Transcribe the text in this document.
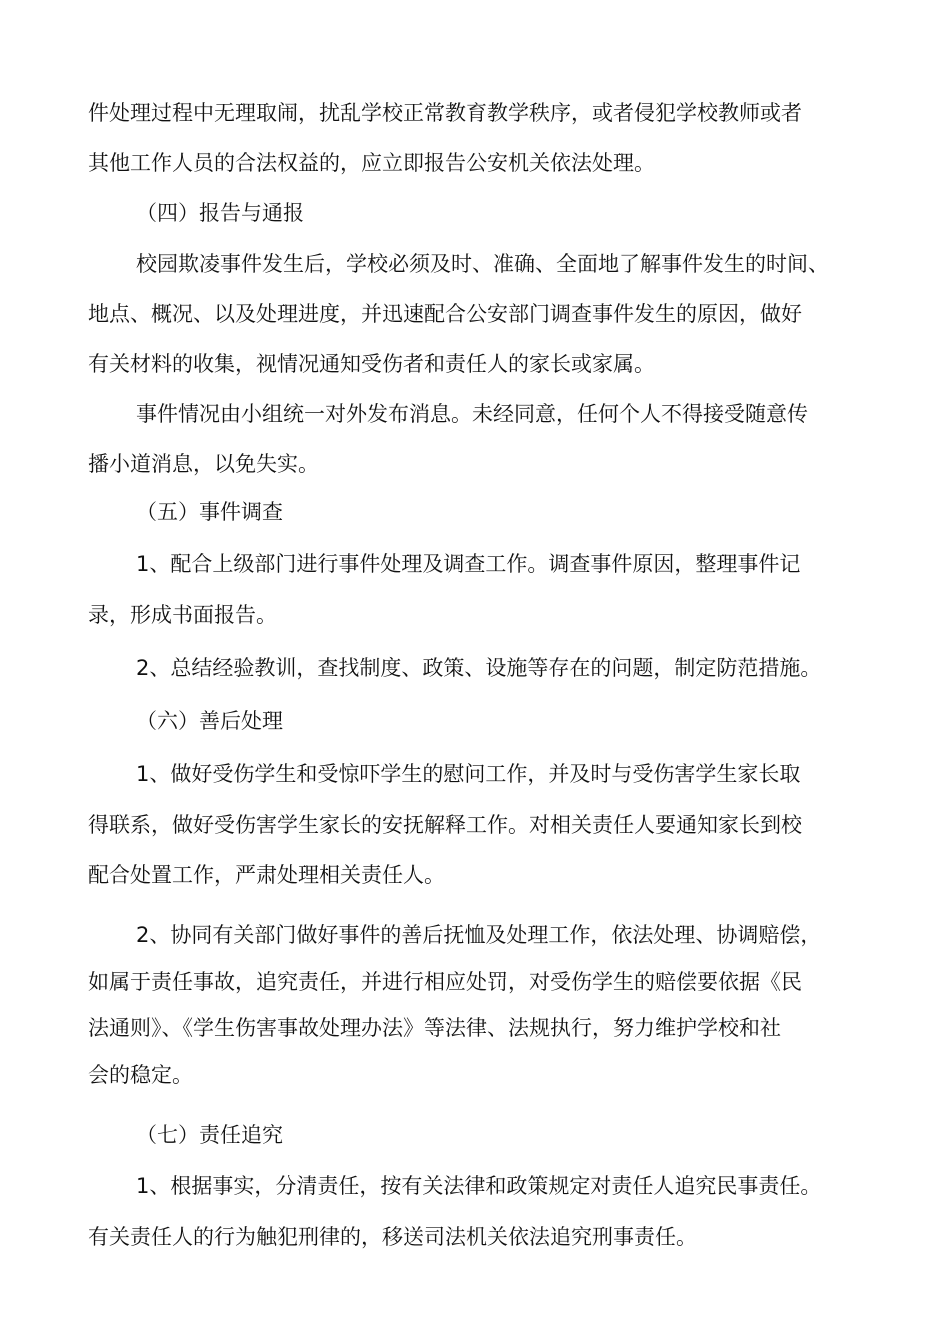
件处理过程中无理取闹，扰乱学校正常教育教学秩序，或者侵犯学校教师或者
其他工作人员的合法权益的，应立即报告公安机关依法处理。
（四）报告与通报
校园欺凌事件发生后，学校必须及时、准确、全面地了解事件发生的时间、
地点、概况、以及处理进度，并迅速配合公安部门调查事件发生的原因，做好
有关材料的收集，视情况通知受伤者和责任人的家长或家属。
事件情况由小组统一对外发布消息。未经同意，任何个人不得接受随意传
播小道消息，以免失实。
（五）事件调查
1、配合上级部门进行事件处理及调查工作。调查事件原因，整理事件记
录，形成书面报告。
2、总结经验教训，查找制度、政策、设施等存在的问题，制定防范措施。
（六）善后处理
1、做好受伤学生和受惊吓学生的慰问工作，并及时与受伤害学生家长取
得联系，做好受伤害学生家长的安抚解释工作。对相关责任人要通知家长到校
配合处置工作，严肃处理相关责任人。
2、协同有关部门做好事件的善后抚恤及处理工作，依法处理、协调赔偿，
如属于责任事故，追究责任，并进行相应处罚，对受伤学生的赔偿要依据《民
法通则》、《学生伤害事故处理办法》等法律、法规执行，努力维护学校和社
会的稳定。
（七）责任追究
1、根据事实，分清责任，按有关法律和政策规定对责任人追究民事责任。
有关责任人的行为触犯刑律的，移送司法机关依法追究刑事责任。
